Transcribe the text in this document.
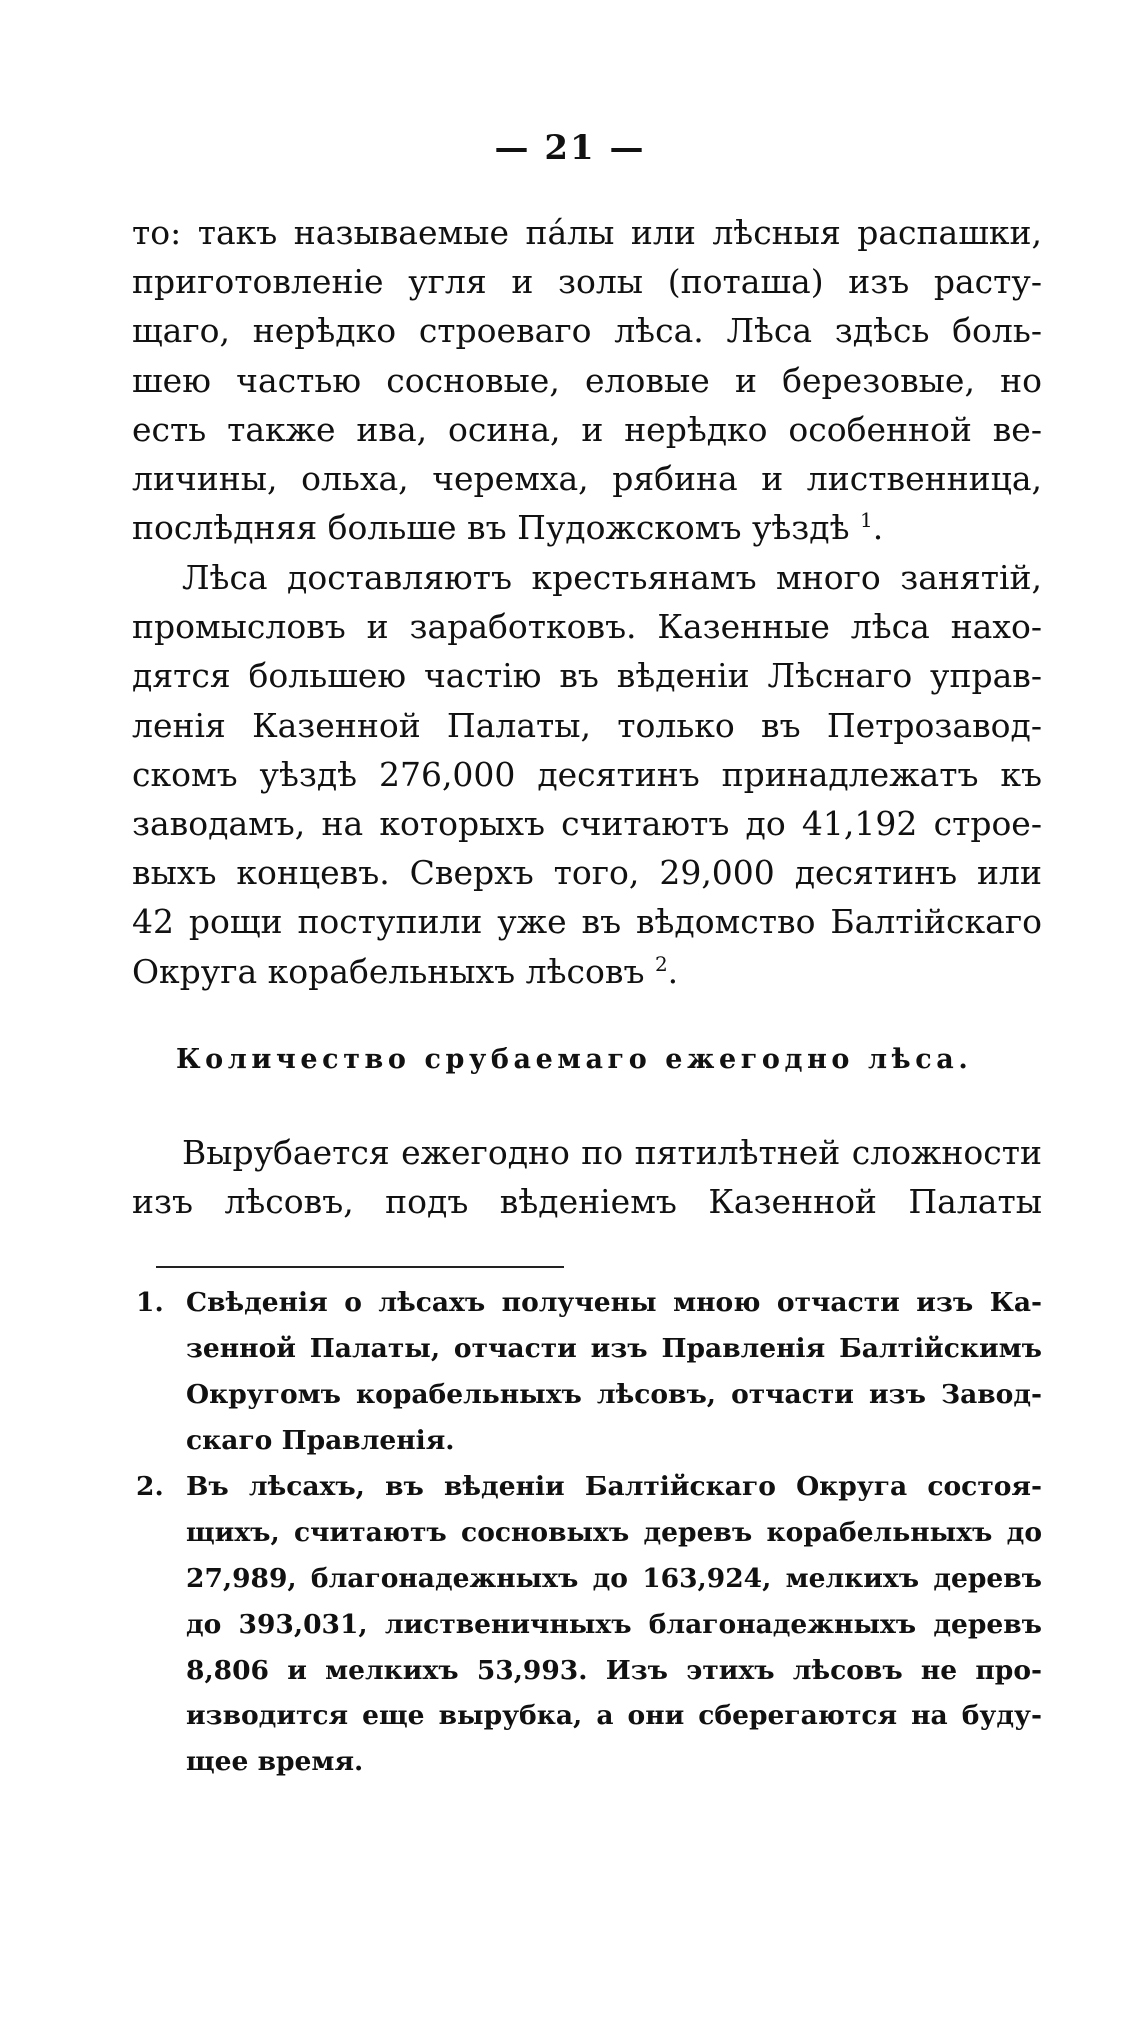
— 21 —
то: такъ называемые пáлы или лѣсныя распашки,
приготовленіе угля и золы (поташа) изъ расту-
щаго, нерѣдко строеваго лѣса. Лѣса здѣсь боль-
шею частью сосновые, еловые и березовые, но
есть также ива, осина, и нерѣдко особенной ве-
личины, ольха, черемха, рябина и лиственница,
послѣдняя больше въ Пудожскомъ уѣздѣ $^1$.
Лѣса доставляютъ крестьянамъ много занятій,
промысловъ и заработковъ. Казенные лѣса нахо-
дятся большею частію въ вѣденіи Лѣснаго управ-
ленія Казенной Палаты, только въ Петрозавод-
скомъ уѣздѣ 276,000 десятинъ принадлежатъ къ
заводамъ, на которыхъ считаютъ до 41,192 строе-
выхъ концевъ. Сверхъ того, 29,000 десятинъ или
42 рощи поступили уже въ вѣдомство Балтійскаго
Округа корабельныхъ лѣсовъ $^2$.
Количество срубаемаго ежегодно лѣса.
Вырубается ежегодно по пятилѣтней сложности
изъ лѣсовъ, подъ вѣденіемъ Казенной Палаты
1. Свѣденія о лѣсахъ получены мною отчасти изъ Ка-
зенной Палаты, отчасти изъ Правленія Балтійскимъ
Округомъ корабельныхъ лѣсовъ, отчасти изъ Завод-
скаго Правленія.
2. Въ лѣсахъ, въ вѣденіи Балтійскаго Округа состоя-
щихъ, считаютъ сосновыхъ деревъ корабельныхъ до
27,989, благонадежныхъ до 163,924, мелкихъ деревъ
до 393,031, лиственичныхъ благонадежныхъ деревъ
8,806 и мелкихъ 53,993. Изъ этихъ лѣсовъ не про-
изводится еще вырубка, а они сберегаются на буду-
щее время.
